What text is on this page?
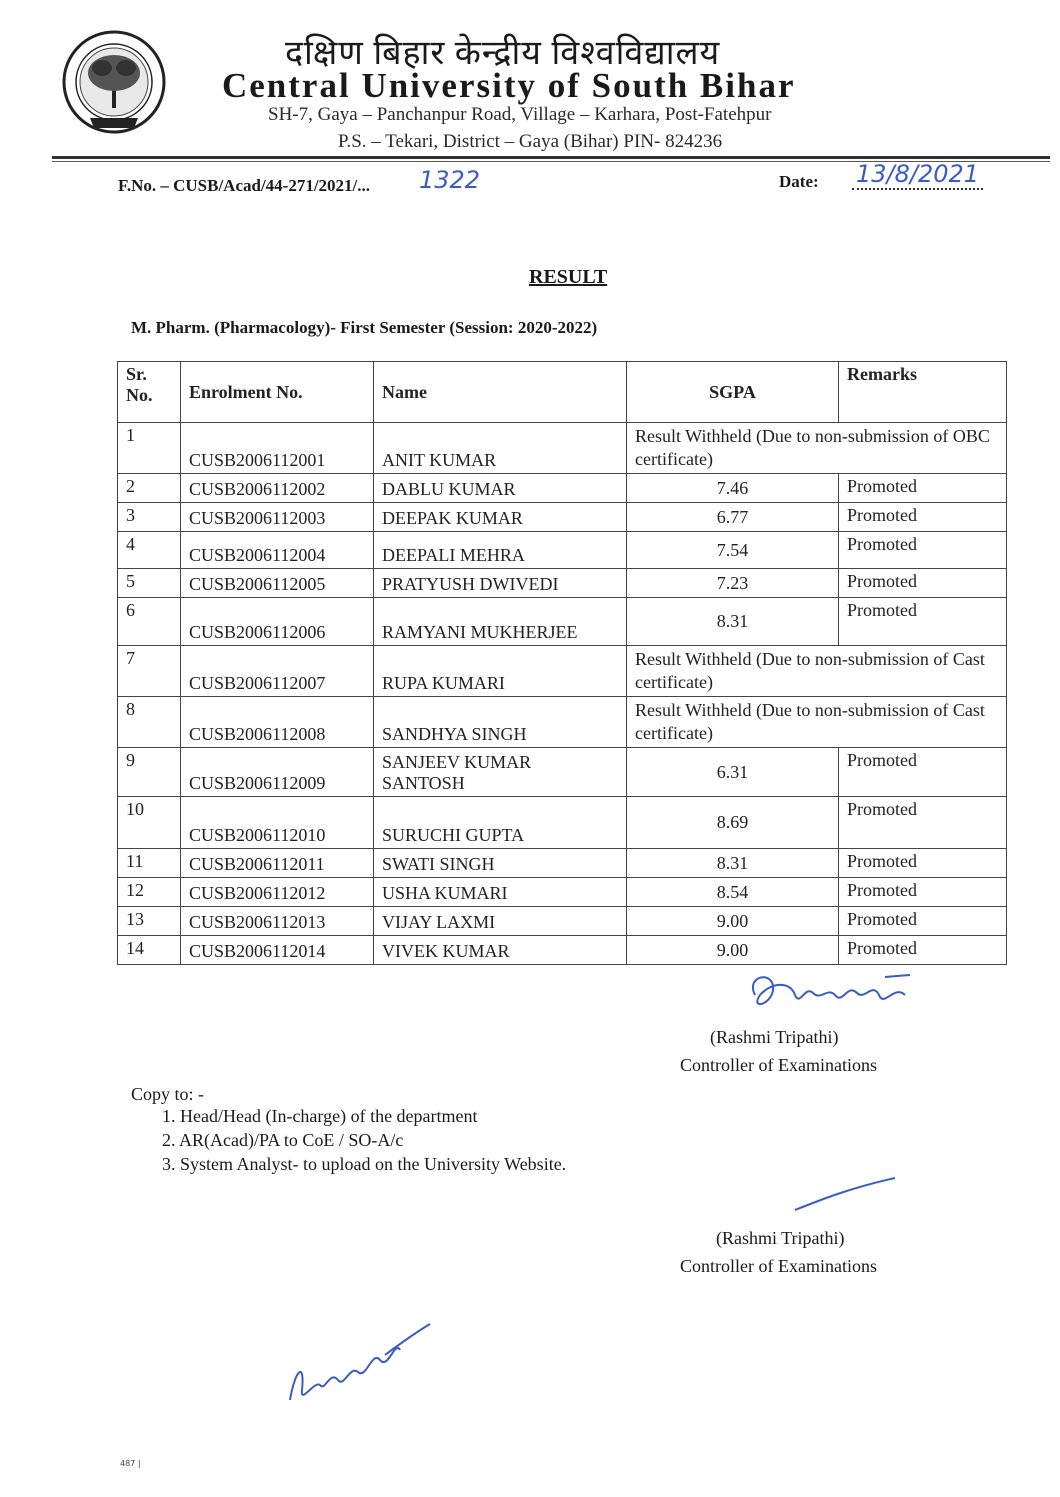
दक्षिण बिहार केन्द्रीय विश्वविद्यालय
Central University of South Bihar
SH-7, Gaya – Panchanpur Road, Village – Karhara, Post-Fatehpur
P.S. – Tekari, District – Gaya (Bihar) PIN- 824236
F.No. – CUSB/Acad/44-271/2021/... 1322	Date: 13/8/2021
RESULT
M. Pharm. (Pharmacology)- First Semester (Session: 2020-2022)
Sr. No.	Enrolment No.	Name	SGPA	Remarks
1	CUSB2006112001	ANIT KUMAR	Result Withheld (Due to non-submission of OBC certificate)	
2	CUSB2006112002	DABLU KUMAR	7.46	Promoted
3	CUSB2006112003	DEEPAK KUMAR	6.77	Promoted
4	CUSB2006112004	DEEPALI MEHRA	7.54	Promoted
5	CUSB2006112005	PRATYUSH DWIVEDI	7.23	Promoted
6	CUSB2006112006	RAMYANI MUKHERJEE	8.31	Promoted
7	CUSB2006112007	RUPA KUMARI	Result Withheld (Due to non-submission of Cast certificate)	
8	CUSB2006112008	SANDHYA SINGH	Result Withheld (Due to non-submission of Cast certificate)	
9	CUSB2006112009	SANJEEV KUMAR SANTOSH	6.31	Promoted
10	CUSB2006112010	SURUCHI GUPTA	8.69	Promoted
11	CUSB2006112011	SWATI SINGH	8.31	Promoted
12	CUSB2006112012	USHA KUMARI	8.54	Promoted
13	CUSB2006112013	VIJAY LAXMI	9.00	Promoted
14	CUSB2006112014	VIVEK KUMAR	9.00	Promoted
(Rashmi Tripathi)
Controller of Examinations
Copy to: -
1. Head/Head (In-charge) of the department
2. AR(Acad)/PA to CoE / SO-A/c
3. System Analyst- to upload on the University Website.
(Rashmi Tripathi)
Controller of Examinations
487 |
